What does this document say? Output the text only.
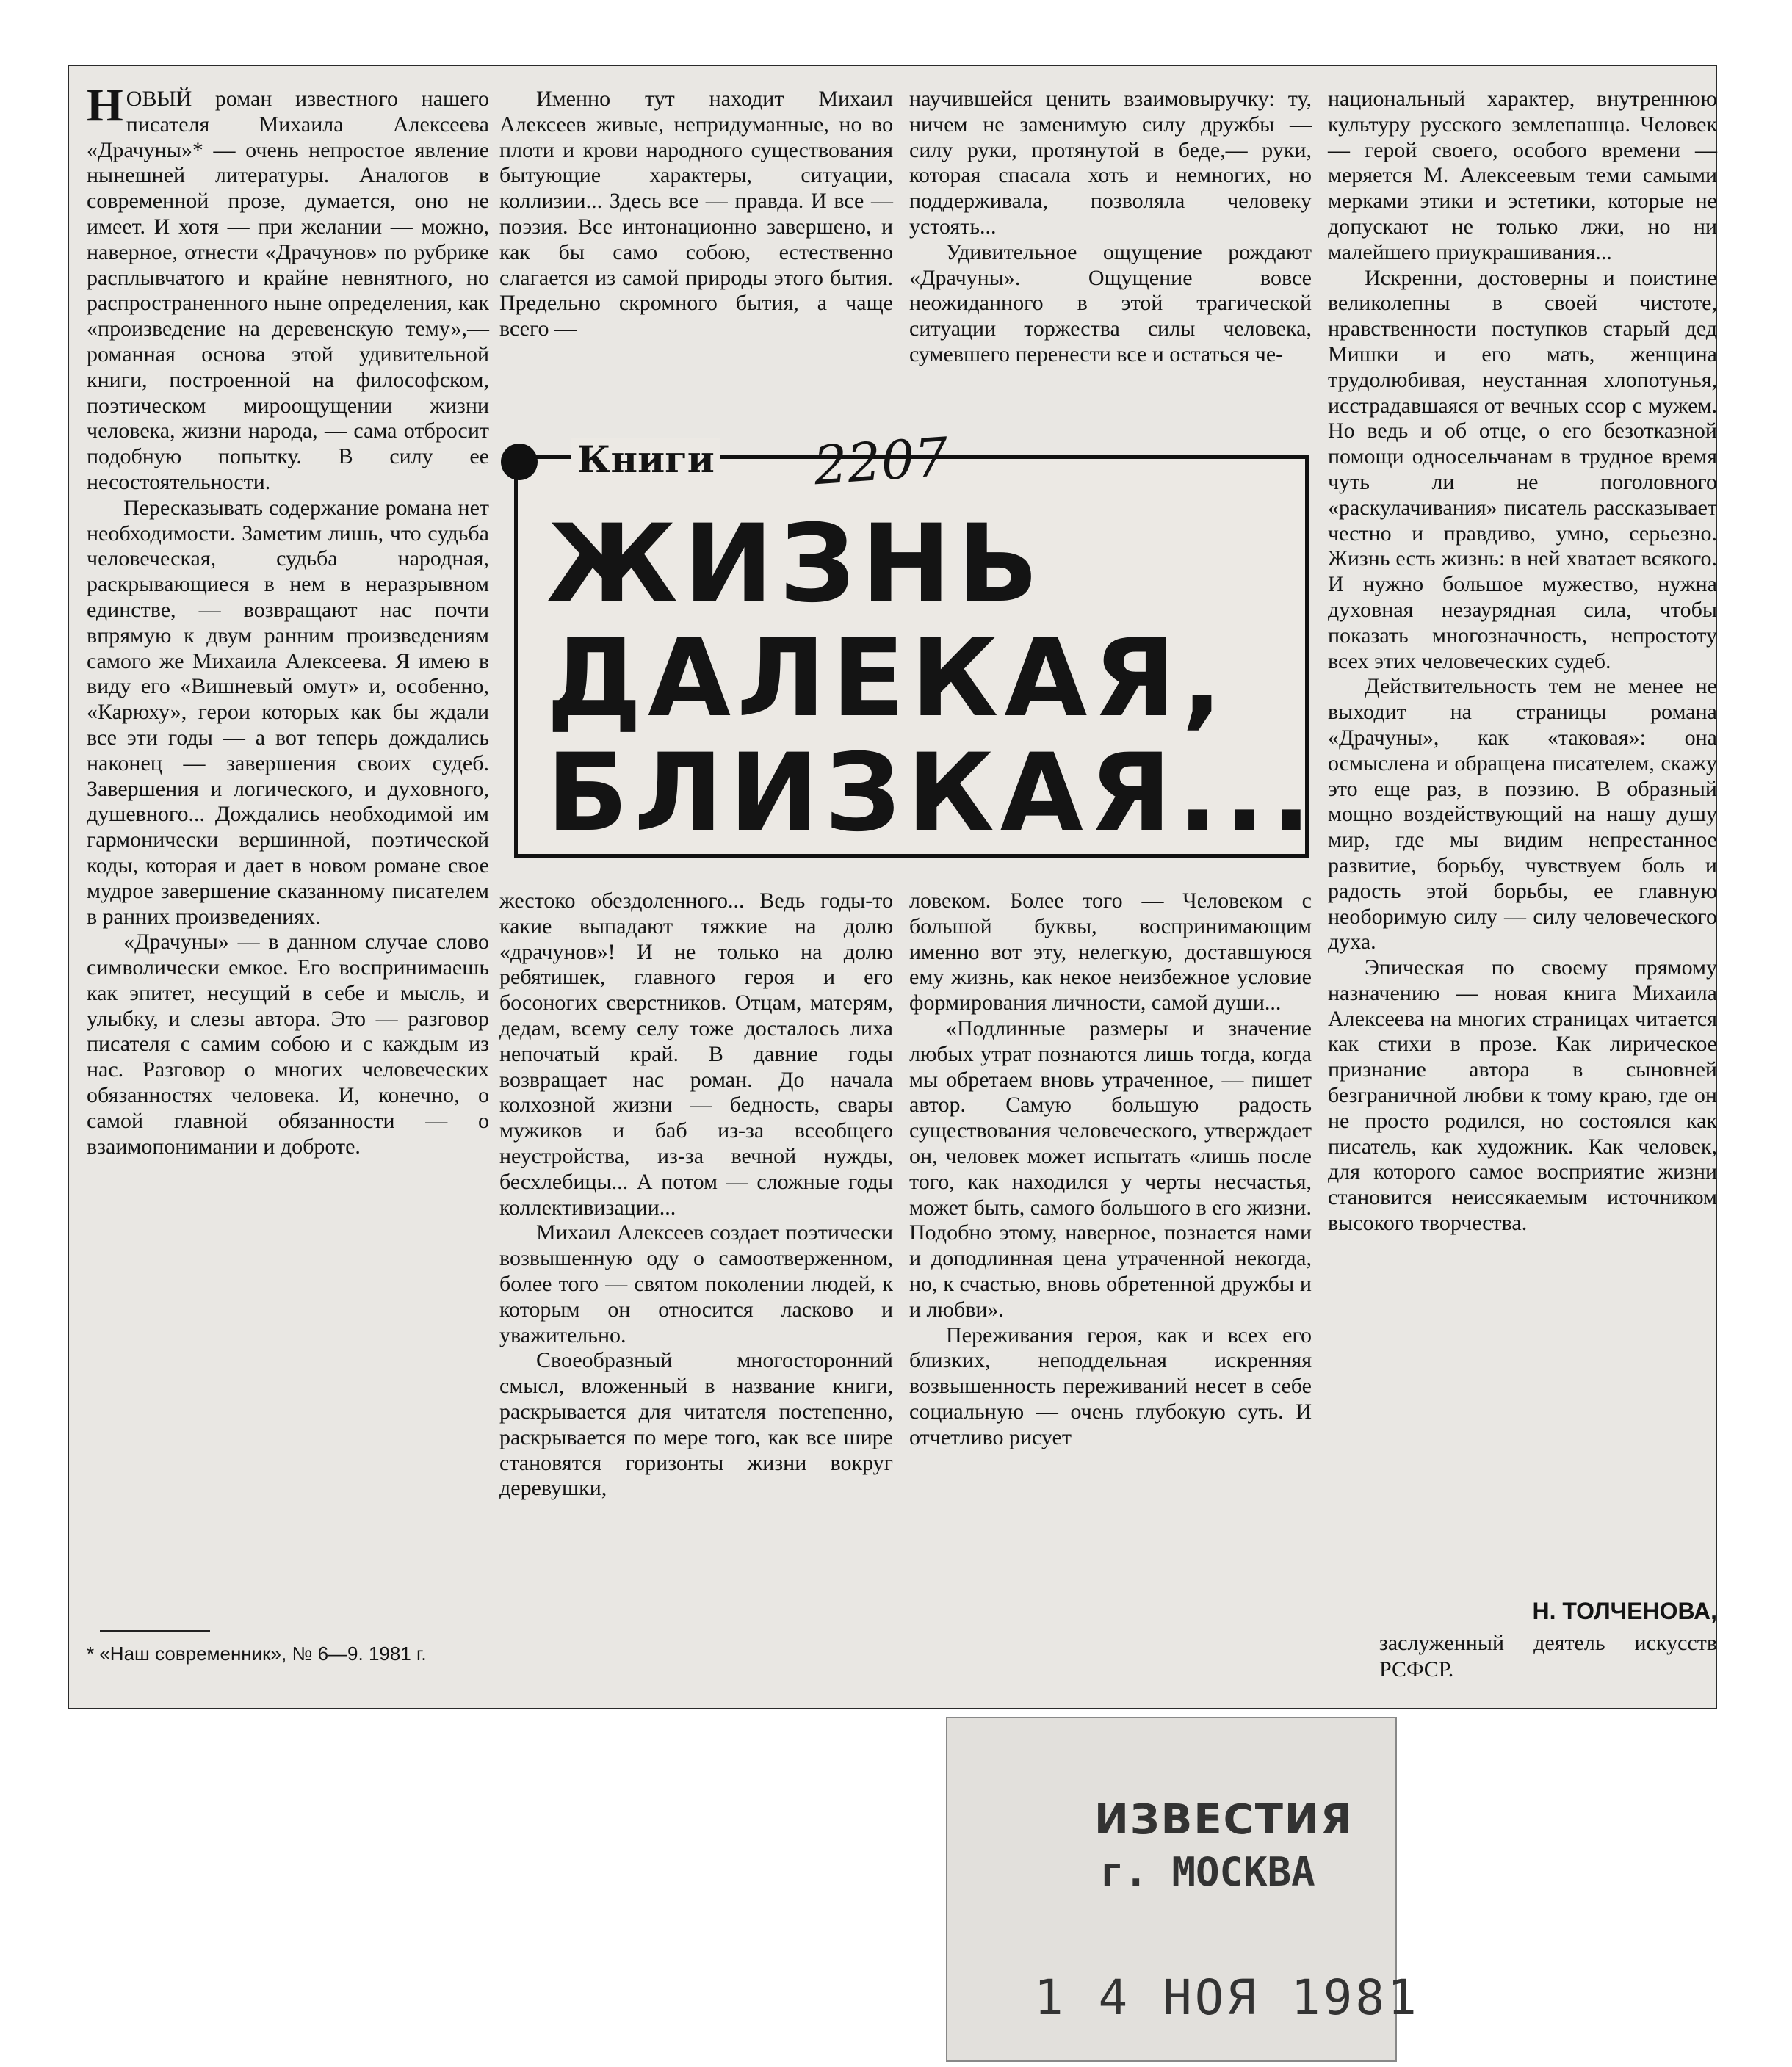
НОВЫЙ роман известного нашего писателя Михаила Алексеева «Драчуны»* — очень непростое явление нынешней литературы. Аналогов в современной прозе, думается, оно не имеет. И хотя — при желании — можно, наверное, отнести «Драчунов» по рубрике расплывчатого и крайне невнятного, но распространенного ныне определения, как «произведение на деревенскую тему»,—романная основа этой удивительной книги, построенной на философском, поэтическом мироощущении жизни человека, жизни народа, — сама отбросит подобную попытку. В силу ее несостоятельности.

Пересказывать содержание романа нет необходимости. Заметим лишь, что судьба человеческая, судьба народная, раскрывающиеся в нем в неразрывном единстве, — возвращают нас почти впрямую к двум ранним произведениям самого же Михаила Алексеева. Я имею в виду его «Вишневый омут» и, особенно, «Карюху», герои которых как бы ждали все эти годы — а вот теперь дождались наконец — завершения своих судеб. Завершения и логического, и духовного, душевного... Дождались необходимой им гармонически вершинной, поэтической коды, которая и дает в новом романе свое мудрое завершение сказанному писателем в ранних произведениях.

«Драчуны» — в данном случае слово символически емкое. Его воспринимаешь как эпитет, несущий в себе и мысль, и улыбку, и слезы автора. Это — разговор писателя с самим собою и с каждым из нас. Разговор о многих человеческих обязанностях человека. И, конечно, о самой главной обязанности — о взаимопонимании и доброте.

* «Наш современник», № 6—9. 1981 г.

Именно тут находит Михаил Алексеев живые, непридуманные, но во плоти и крови народного существования бытующие характеры, ситуации, коллизии... Здесь все — правда. И все — поэзия. Все интонационно завершено, и как бы само собою, естественно слагается из самой природы этого бытия. Предельно скромного бытия, а чаще всего —

научившейся ценить взаимовыручку: ту, ничем не заменимую силу дружбы — силу руки, протянутой в беде,— руки, которая спасала хоть и немногих, но поддерживала, позволяла человеку устоять...

Удивительное ощущение рождают «Драчуны». Ощущение вовсе неожиданного в этой трагической ситуации торжества силы человека, сумевшего перенести все и остаться че-

национальный характер, внутреннюю культуру русского землепашца. Человек — герой своего, особого времени — меряется М. Алексеевым теми самыми мерками этики и эстетики, которые не допускают не только лжи, но ни малейшего приукрашивания...

Искренни, достоверны и поистине великолепны в своей чистоте, нравственности поступков старый дед Мишки и его мать, женщина трудолюбивая, неустанная хлопотунья, исстрадавшаяся от вечных ссор с мужем. Но ведь и об отце, о его безотказной помощи односельчанам в трудное время чуть ли не поголовного «раскулачивания» писатель рассказывает честно и правдиво, умно, серьезно. Жизнь есть жизнь: в ней хватает всякого. И нужно большое мужество, нужна духовная незаурядная сила, чтобы показать многозначность, непростоту всех этих человеческих судеб.

Действительность тем не менее не выходит на страницы романа «Драчуны», как «таковая»: она осмыслена и обращена писателем, скажу это еще раз, в поэзию. В образный мощно воздействующий на нашу душу мир, где мы видим непрестанное развитие, борьбу, чувствуем боль и радость этой борьбы, ее главную необоримую силу — силу человеческого духа.

Эпическая по своему прямому назначению — новая книга Михаила Алексеева на многих страницах читается как стихи в прозе. Как лирическое признание автора в сыновней безграничной любви к тому краю, где он не просто родился, но состоялся как писатель, как художник. Как человек, для которого самое восприятие жизни становится неиссякаемым источником высокого творчества.

Н. ТОЛЧЕНОВА,
заслуженный деятель искусств РСФСР.
Книги 2207
ЖИЗНЬ
ДАЛЕКАЯ,
БЛИЗКАЯ...

жестоко обездоленного... Ведь годы-то какие выпадают тяжкие на долю «драчунов»! И не только на долю ребятишек, главного героя и его босоногих сверстников. Отцам, матерям, дедам, всему селу тоже досталось лиха непочатый край. В давние годы возвращает нас роман. До начала колхозной жизни — бедность, свары мужиков и баб из-за всеобщего неустройства, из-за вечной нужды, бесхлебицы... А потом — сложные годы коллективизации...

Михаил Алексеев создает поэтически возвышенную оду о самоотверженном, более того — святом поколении людей, к которым он относится ласково и уважительно.

Своеобразный многосторонний смысл, вложенный в название книги, раскрывается для читателя постепенно, раскрывается по мере того, как все шире становятся горизонты жизни вокруг деревушки,

ловеком. Более того — Человеком с большой буквы, воспринимающим именно вот эту, нелегкую, доставшуюся ему жизнь, как некое неизбежное условие формирования личности, самой души...

«Подлинные размеры и значение любых утрат познаются лишь тогда, когда мы обретаем вновь утраченное, — пишет автор. Самую большую радость существования человеческого, утверждает он, человек может испытать «лишь после того, как находился у черты несчастья, может быть, самого большого в его жизни. Подобно этому, наверное, познается нами и доподлинная цена утраченной некогда, но, к счастью, вновь обретенной дружбы и и любви».

Переживания героя, как и всех его близких, неподдельная искренняя возвышенность переживаний несет в себе социальную — очень глубокую суть. И отчетливо рисует

ИЗВЕСТИЯ
г. МОСКВА
1 4 НОЯ 1981
